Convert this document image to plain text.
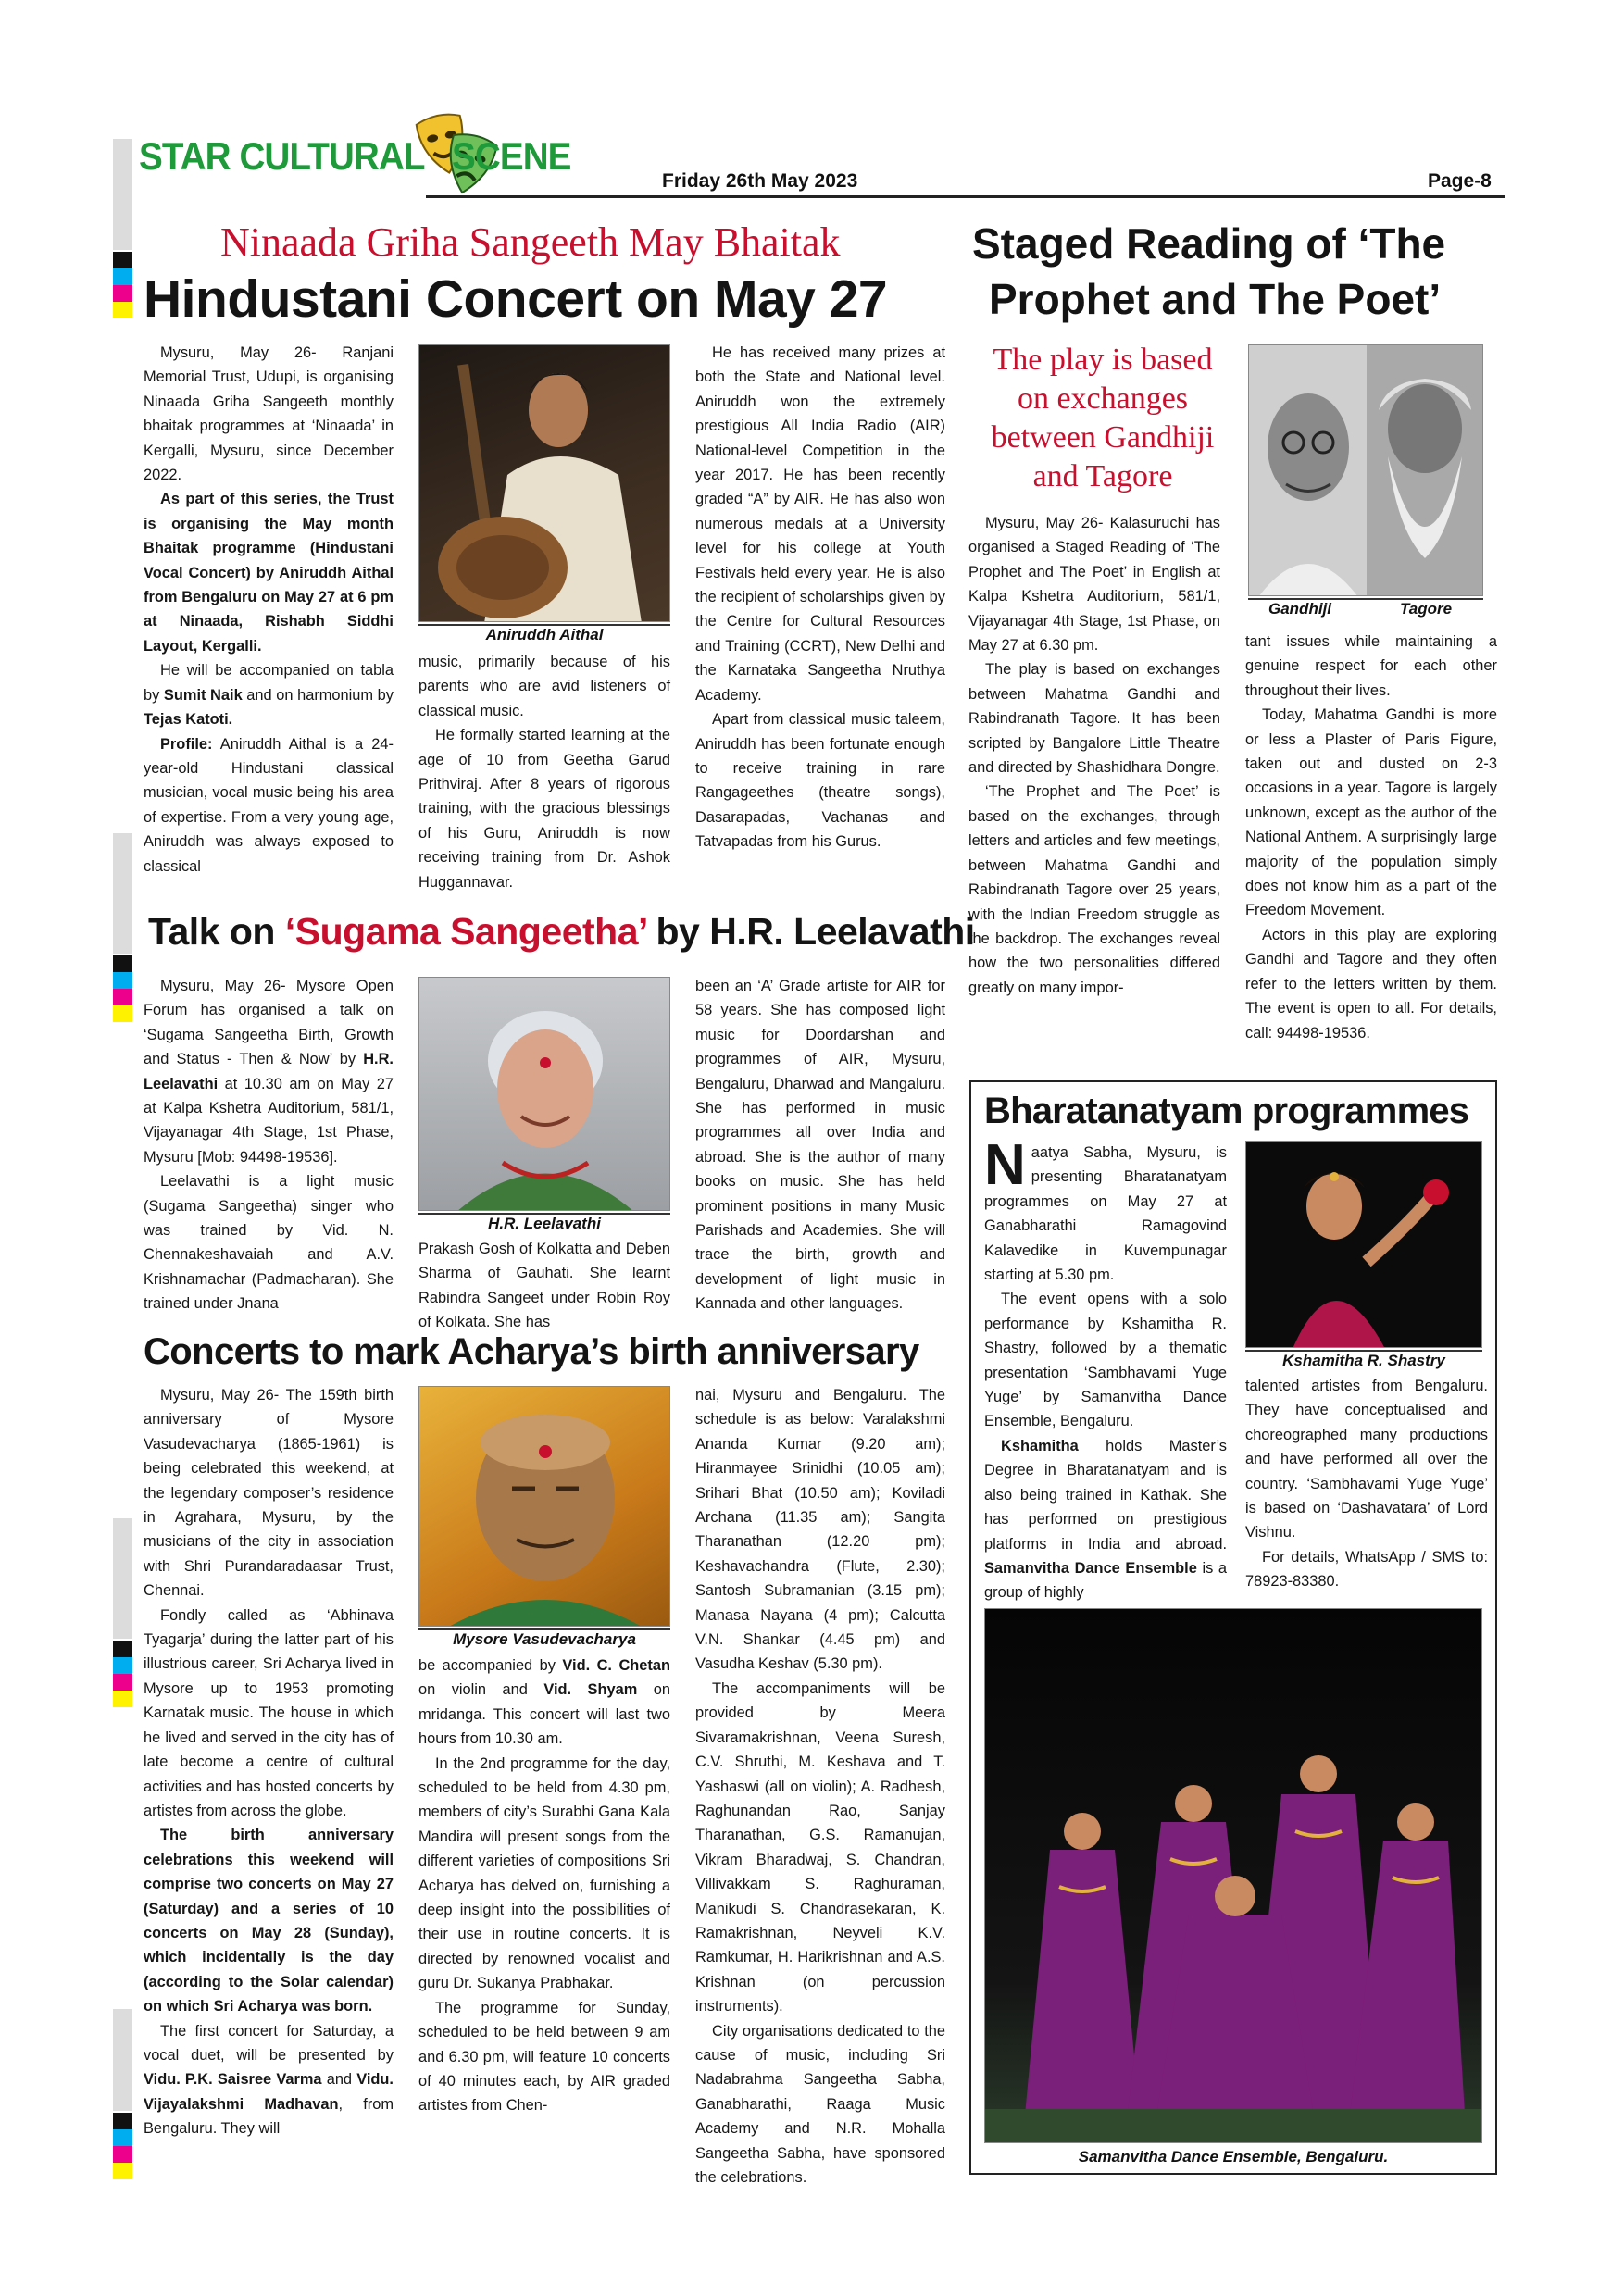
STAR CULTURAL SCENE
Friday 26th May 2023	Page-8
Ninaada Griha Sangeeth May Bhaitak
Hindustani Concert on May 27

Mysuru, May 26- Ranjani Memorial Trust, Udupi, is organising Ninaada Griha Sangeeth monthly bhaitak programmes at ‘Ninaada’ in Kergalli, Mysuru, since December 2022.

As part of this series, the Trust is organising the May month Bhaitak programme (Hindustani Vocal Concert) by Aniruddh Aithal from Bengaluru on May 27 at 6 pm at Ninaada, Rishabh Siddhi Layout, Kergalli.

He will be accompanied on tabla by Sumit Naik and on harmonium by Tejas Katoti.

Profile: Aniruddh Aithal is a 24-year-old Hindustani classical musician, vocal music being his area of expertise. From a very young age, Aniruddh was always exposed to classical

Aniruddh Aithal

music, primarily because of his parents who are avid listeners of classical music.

He formally started learning at the age of 10 from Geetha Garud Prithviraj. After 8 years of rigorous training, with the gracious blessings of his Guru, Aniruddh is now receiving training from Dr. Ashok Huggannavar.

He has received many prizes at both the State and National level. Aniruddh won the extremely prestigious All India Radio (AIR) National-level Competition in the year 2017. He has been recently graded “A” by AIR. He has also won numerous medals at a University level for his college at Youth Festivals held every year. He is also the recipient of scholarships given by the Centre for Cultural Resources and Training (CCRT), New Delhi and the Karnataka Sangeetha Nruthya Academy.

Apart from classical music taleem, Aniruddh has been fortunate enough to receive training in rare Rangageethes (theatre songs), Dasarapadas, Vachanas and Tatvapadas from his Gurus.

Staged Reading of ‘The
Prophet and The Poet’
The play is based
on exchanges
between Gandhiji
and Tagore
Gandhiji	Tagore

Mysuru, May 26- Kalasuruchi has organised a Staged Reading of ‘The Prophet and The Poet’ in English at Kalpa Kshetra Auditorium, 581/1, Vijayanagar 4th Stage, 1st Phase, on May 27 at 6.30 pm.

The play is based on exchanges between Mahatma Gandhi and Rabindranath Tagore. It has been scripted by Bangalore Little Theatre and directed by Shashidhara Dongre.

‘The Prophet and The Poet’ is based on the exchanges, through letters and articles and few meetings, between Mahatma Gandhi and Rabindranath Tagore over 25 years, with the Indian Freedom struggle as the backdrop. The exchanges reveal how the two personalities differed greatly on many impor-

tant issues while maintaining a genuine respect for each other throughout their lives.

Today, Mahatma Gandhi is more or less a Plaster of Paris Figure, taken out and dusted on 2-3 occasions in a year. Tagore is largely unknown, except as the author of the National Anthem. A surprisingly large majority of the population simply does not know him as a part of the Freedom Movement.

Actors in this play are exploring Gandhi and Tagore and they often refer to the letters written by them. The event is open to all. For details, call: 94498-19536.

Talk on ‘Sugama Sangeetha’ by H.R. Leelavathi

Mysuru, May 26- Mysore Open Forum has organised a talk on ‘Sugama Sangeetha Birth, Growth and Status - Then & Now’ by H.R. Leelavathi at 10.30 am on May 27 at Kalpa Kshetra Auditorium, 581/1, Vijayanagar 4th Stage, 1st Phase, Mysuru [Mob: 94498-19536].

Leelavathi is a light music (Sugama Sangeetha) singer who was trained by Vid. N. Chennakeshavaiah and A.V. Krishnamachar (Padmacharan). She trained under Jnana

H.R. Leelavathi

Prakash Gosh of Kolkatta and Deben Sharma of Gauhati. She learnt Rabindra Sangeet under Robin Roy of Kolkata. She has

been an ‘A’ Grade artiste for AIR for 58 years. She has composed light music for Doordarshan and programmes of AIR, Mysuru, Bengaluru, Dharwad and Mangaluru. She has performed in music programmes all over India and abroad. She is the author of many books on music. She has held prominent positions in many Music Parishads and Academies. She will trace the birth, growth and development of light music in Kannada and other languages.

Bharatanatyam programmes

Naatya Sabha, Mysuru, is presenting Bharatanatyam programmes on May 27 at Ganabharathi Ramagovind Kalavedike in Kuvempunagar starting at 5.30 pm.

The event opens with a solo performance by Kshamitha R. Shastry, followed by a thematic presentation ‘Sambhavami Yuge Yuge’ by Samanvitha Dance Ensemble, Bengaluru.

Kshamitha holds Master’s Degree in Bharatanatyam and is also being trained in Kathak. She has performed on prestigious platforms in India and abroad. Samanvitha Dance Ensemble is a group of highly

Kshamitha R. Shastry

talented artistes from Bengaluru. They have conceptualised and choreographed many productions and have performed all over the country. ‘Sambhavami Yuge Yuge’ is based on ‘Dashavatara’ of Lord Vishnu.

For details, WhatsApp / SMS to: 78923-83380.

Samanvitha Dance Ensemble, Bengaluru.
Concerts to mark Acharya’s birth anniversary

Mysuru, May 26- The 159th birth anniversary of Mysore Vasudevacharya (1865-1961) is being celebrated this weekend, at the legendary composer’s residence in Agrahara, Mysuru, by the musicians of the city in association with Shri Purandaradaasar Trust, Chennai.

Fondly called as ‘Abhinava Tyagarja’ during the latter part of his illustrious career, Sri Acharya lived in Mysore up to 1953 promoting Karnatak music. The house in which he lived and served in the city has of late become a centre of cultural activities and has hosted concerts by artistes from across the globe.

The birth anniversary celebrations this weekend will comprise two concerts on May 27 (Saturday) and a series of 10 concerts on May 28 (Sunday), which incidentally is the day (according to the Solar calendar) on which Sri Acharya was born.

The first concert for Saturday, a vocal duet, will be presented by Vidu. P.K. Saisree Varma and Vidu. Vijayalakshmi Madhavan, from Bengaluru. They will

Mysore Vasudevacharya

be accompanied by Vid. C. Chetan on violin and Vid. Shyam on mridanga. This concert will last two hours from 10.30 am.

In the 2nd programme for the day, scheduled to be held from 4.30 pm, members of city’s Surabhi Gana Kala Mandira will present songs from the different varieties of compositions Sri Acharya has delved on, furnishing a deep insight into the possibilities of their use in routine concerts. It is directed by renowned vocalist and guru Dr. Sukanya Prabhakar.

The programme for Sunday, scheduled to be held between 9 am and 6.30 pm, will feature 10 concerts of 40 minutes each, by AIR graded artistes from Chen-

nai, Mysuru and Bengaluru. The schedule is as below: Varalakshmi Ananda Kumar (9.20 am); Hiranmayee Srinidhi (10.05 am); Srihari Bhat (10.50 am); Koviladi Archana (11.35 am); Sangita Tharanathan (12.20 pm); Keshavachandra (Flute, 2.30); Santosh Subramanian (3.15 pm); Manasa Nayana (4 pm); Calcutta V.N. Shankar (4.45 pm) and Vasudha Keshav (5.30 pm).

The accompaniments will be provided by Meera Sivaramakrishnan, Veena Suresh, C.V. Shruthi, M. Keshava and T. Yashaswi (all on violin); A. Radhesh, Raghunandan Rao, Sanjay Tharanathan, G.S. Ramanujan, Vikram Bharadwaj, S. Chandran, Villivakkam S. Raghuraman, Manikudi S. Chandrasekaran, K. Ramakrishnan, Neyveli K.V. Ramkumar, H. Harikrishnan and A.S. Krishnan (on percussion instruments).

City organisations dedicated to the cause of music, including Sri Nadabrahma Sangeetha Sabha, Ganabharathi, Raaga Music Academy and N.R. Mohalla Sangeetha Sabha, have sponsored the celebrations.
